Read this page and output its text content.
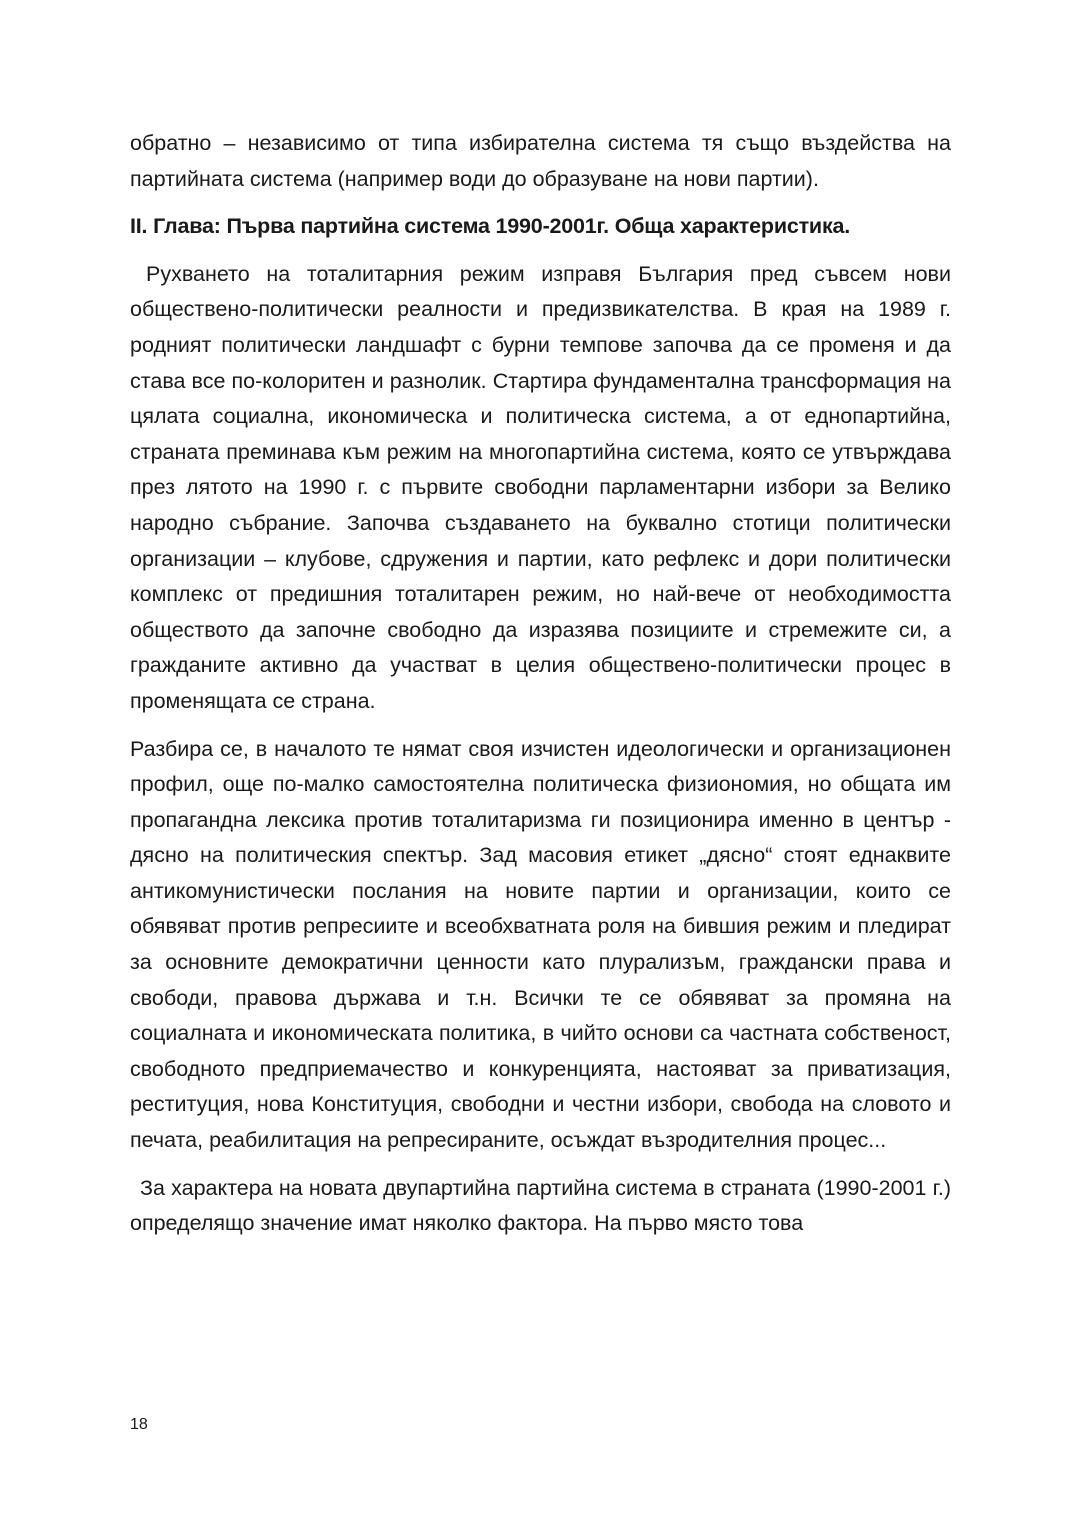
обратно – независимо от типа избирателна система тя също въздейства на партийната система (например води до образуване на нови партии).

II. Глава: Първа партийна система 1990-2001г. Обща характеристика.

Рухването на тоталитарния режим изправя България пред съвсем нови обществено-политически реалности и предизвикателства. В края на 1989 г. родният политически ландшафт с бурни темпове започва да се променя и да става все по-колоритен и разнолик. Стартира фундаментална трансформация на цялата социална, икономическа и политическа система, а от еднопартийна, страната преминава към режим на многопартийна система, която се утвърждава през лятото на 1990 г. с първите свободни парламентарни избори за Велико народно събрание. Започва създаването на буквално стотици политически организации – клубове, сдружения и партии, като рефлекс и дори политически комплекс от предишния тоталитарен режим, но най-вече от необходимостта обществото да започне свободно да изразява позициите и стремежите си, а гражданите активно да участват в целия обществено-политически процес в променящата се страна.

Разбира се, в началото те нямат своя изчистен идеологически и организационен профил, още по-малко самостоятелна политическа физиономия, но общата им пропагандна лексика против тоталитаризма ги позиционира именно в център - дясно на политическия спектър. Зад масовия етикет „дясно“ стоят еднаквите антикомунистически послания на новите партии и организации, които се обявяват против репресиите и всеобхватната роля на бившия режим и пледират за основните демократични ценности като плурализъм, граждански права и свободи, правова държава и т.н. Всички те се обявяват за промяна на социалната и икономическата политика, в чийто основи са частната собственост, свободното предприемачество и конкуренцията, настояват за приватизация, реституция, нова Конституция, свободни и честни избори, свобода на словото и печата, реабилитация на репресираните, осъждат възродителния процес...

За характера на новата двупартийна партийна система в страната (1990-2001 г.) определящо значение имат няколко фактора. На първо място това

18
